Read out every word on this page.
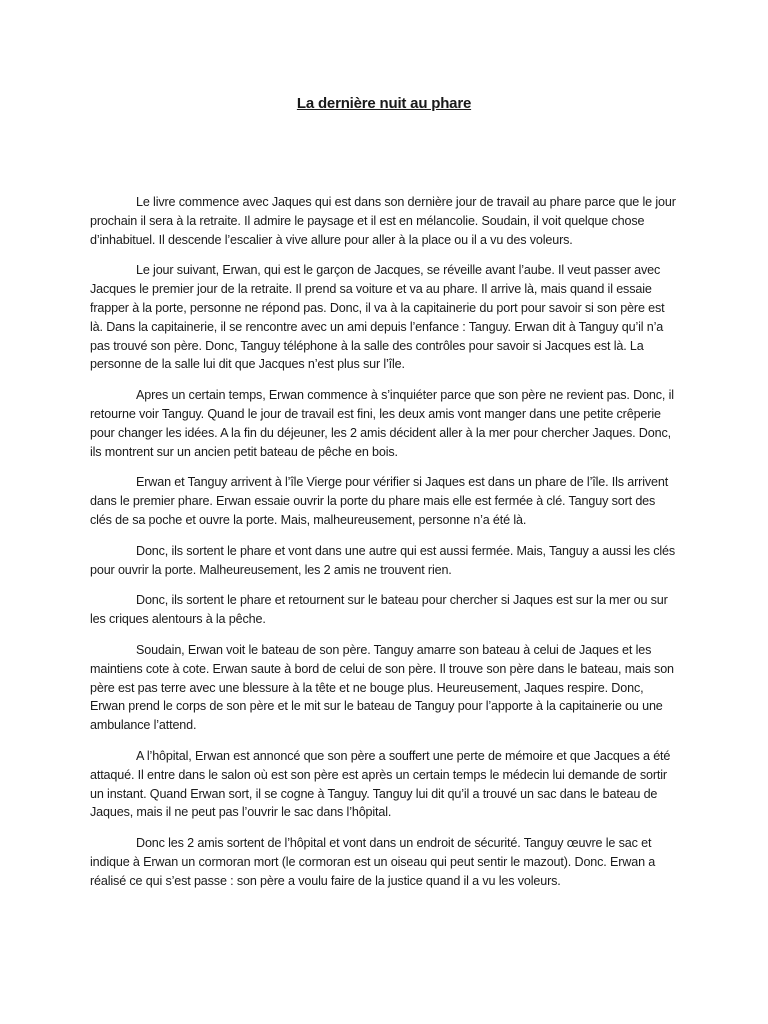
La dernière nuit au phare

Le livre commence avec Jaques qui est dans son dernière jour de travail au phare parce que le jour prochain il sera à la retraite. Il admire le paysage et il est en mélancolie. Soudain, il voit quelque chose d’inhabituel. Il descende l’escalier à vive allure pour aller à la place ou il a vu des voleurs.

Le jour suivant, Erwan, qui est le garçon de Jacques, se réveille avant l’aube. Il veut passer avec Jacques le premier jour de la retraite. Il prend sa voiture et va au phare. Il arrive là, mais quand il essaie frapper à la porte, personne ne répond pas. Donc, il va à la capitainerie du port pour savoir si son père est là. Dans la capitainerie, il se rencontre avec un ami depuis l’enfance : Tanguy. Erwan dit à Tanguy qu’il n’a pas trouvé son père. Donc, Tanguy téléphone à la salle des contrôles pour savoir si Jacques est là. La personne de la salle lui dit que Jacques n’est plus sur l’île.

Apres un certain temps, Erwan commence à s’inquiéter parce que son père ne revient pas. Donc, il retourne voir Tanguy. Quand le jour de travail est fini, les deux amis vont manger dans une petite crêperie pour changer les idées. A la fin du déjeuner, les 2 amis décident aller à la mer pour chercher Jaques. Donc, ils montrent sur un ancien petit bateau de pêche en bois.

Erwan et Tanguy arrivent à l’île Vierge pour vérifier si Jaques est dans un phare de l’île. Ils arrivent dans le premier phare. Erwan essaie ouvrir la porte du phare mais elle est fermée à clé. Tanguy sort des clés de sa poche et ouvre la porte. Mais, malheureusement, personne n’a été là.

Donc, ils sortent le phare et vont dans une autre qui est aussi fermée. Mais, Tanguy a aussi les clés pour ouvrir la porte. Malheureusement, les 2 amis ne trouvent rien.

Donc, ils sortent le phare et retournent sur le bateau pour chercher si Jaques est sur la mer ou sur les criques alentours à la pêche.

Soudain, Erwan voit le bateau de son père. Tanguy amarre son bateau à celui de Jaques et les maintiens cote à cote. Erwan saute à bord de celui de son père. Il trouve son père dans le bateau, mais son père est pas terre avec une blessure à la tête et ne bouge plus. Heureusement, Jaques respire. Donc, Erwan prend le corps de son père et le mit sur le bateau de Tanguy pour l’apporte à la capitainerie ou une ambulance l’attend.

A l’hôpital, Erwan est annoncé que son père a souffert une perte de mémoire et que Jacques a été attaqué. Il entre dans le salon où est son père est après un certain temps le médecin lui demande de sortir un instant. Quand Erwan sort, il se cogne à Tanguy. Tanguy lui dit qu’il a trouvé un sac dans le bateau de Jaques, mais il ne peut pas l’ouvrir le sac dans l’hôpital.

Donc les 2 amis sortent de l’hôpital et vont dans un endroit de sécurité. Tanguy œuvre le sac et indique à Erwan un cormoran mort (le cormoran est un oiseau qui peut sentir le mazout). Donc. Erwan a réalisé ce qui s’est passe : son père a voulu faire de la justice quand il a vu les voleurs.
